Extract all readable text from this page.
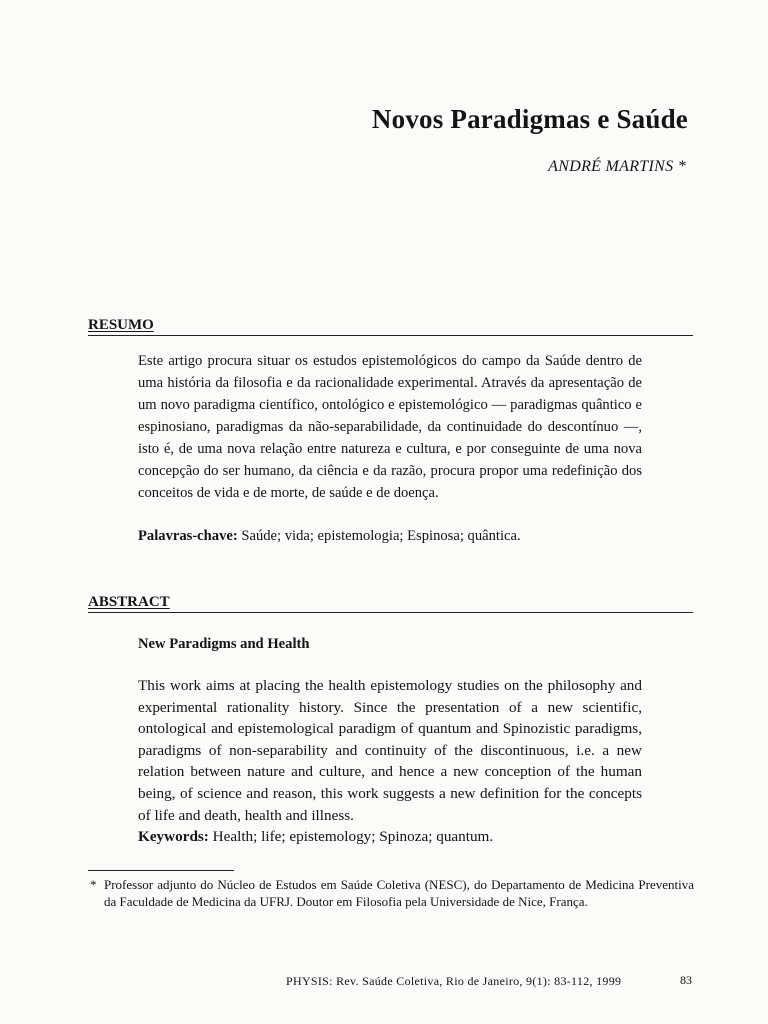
Novos Paradigmas e Saúde
ANDRÉ MARTINS *
RESUMO
Este artigo procura situar os estudos epistemológicos do campo da Saúde dentro de uma história da filosofia e da racionalidade experimental. Através da apresentação de um novo paradigma científico, ontológico e epistemológico — paradigmas quântico e espinosiano, paradigmas da não-separabilidade, da continuidade do descontínuo —, isto é, de uma nova relação entre natureza e cultura, e por conseguinte de uma nova concepção do ser humano, da ciência e da razão, procura propor uma redefinição dos conceitos de vida e de morte, de saúde e de doença.
Palavras-chave: Saúde; vida; epistemologia; Espinosa; quântica.
ABSTRACT
New Paradigms and Health
This work aims at placing the health epistemology studies on the philosophy and experimental rationality history. Since the presentation of a new scientific, ontological and epistemological paradigm of quantum and Spinozistic paradigms, paradigms of non-separability and continuity of the discontinuous, i.e. a new relation between nature and culture, and hence a new conception of the human being, of science and reason, this work suggests a new definition for the concepts of life and death, health and illness.
Keywords: Health; life; epistemology; Spinoza; quantum.
* Professor adjunto do Núcleo de Estudos em Saúde Coletiva (NESC), do Departamento de Medicina Preventiva da Faculdade de Medicina da UFRJ. Doutor em Filosofia pela Universidade de Nice, França.
PHYSIS: Rev. Saúde Coletiva, Rio de Janeiro, 9(1): 83-112, 1999	83
